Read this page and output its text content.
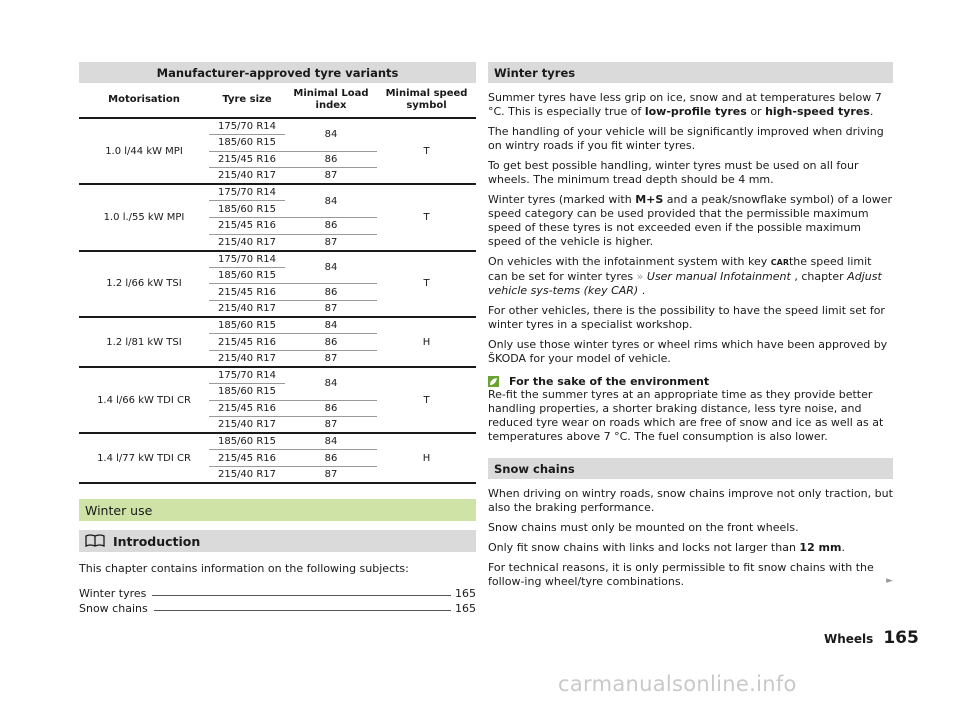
Manufacturer-approved tyre variants
Motorisation	Tyre size	Minimal Load index	Minimal speed symbol
1.0 l/44 kW MPI	175/70 R14	84	T
	185/60 R15		
	215/45 R16	86	
	215/40 R17	87	
1.0 l./55 kW MPI	175/70 R14	84	T
	185/60 R15		
	215/45 R16	86	
	215/40 R17	87	
1.2 l/66 kW TSI	175/70 R14	84	T
	185/60 R15		
	215/45 R16	86	
	215/40 R17	87	
1.2 l/81 kW TSI	185/60 R15	84	H
	215/45 R16	86	
	215/40 R17	87	
1.4 l/66 kW TDI CR	175/70 R14	84	T
	185/60 R15		
	215/45 R16	86	
	215/40 R17	87	
1.4 l/77 kW TDI CR	185/60 R15	84	H
	215/45 R16	86	
	215/40 R17	87	
Winter use
Introduction
This chapter contains information on the following subjects:
Winter tyres	165
Snow chains	165
Winter tyres

Summer tyres have less grip on ice, snow and at temperatures below 7 °C. This is especially true of low-profile tyres or high-speed tyres.

The handling of your vehicle will be significantly improved when driving on wintry roads if you fit winter tyres.

To get best possible handling, winter tyres must be used on all four wheels. The minimum tread depth should be 4 mm.

Winter tyres (marked with M+S and a peak/snowflake symbol) of a lower speed category can be used provided that the permissible maximum speed of these tyres is not exceeded even if the possible maximum speed of the vehicle is higher.

On vehicles with the infotainment system with key CARthe speed limit can be set for winter tyres » User manual Infotainment , chapter Adjust vehicle sys-tems (key CAR) .

For other vehicles, there is the possibility to have the speed limit set for winter tyres in a specialist workshop.

Only use those winter tyres or wheel rims which have been approved by ŠKODA for your model of vehicle.

For the sake of the environment
Re-fit the summer tyres at an appropriate time as they provide better handling properties, a shorter braking distance, less tyre noise, and reduced tyre wear on roads which are free of snow and ice as well as at temperatures above 7 °C. The fuel consumption is also lower.
Snow chains

When driving on wintry roads, snow chains improve not only traction, but also the braking performance.

Snow chains must only be mounted on the front wheels.

Only fit snow chains with links and locks not larger than 12 mm.

For technical reasons, it is only permissible to fit snow chains with the follow-ing wheel/tyre combinations.	►

Wheels 165
carmanualsonline.info
